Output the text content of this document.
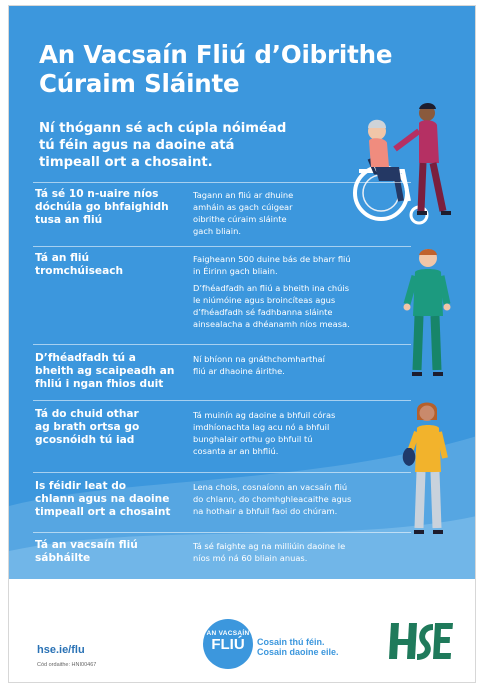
An Vacsaín Fliú d’Oibrithe
Cúraim Sláinte
Ní thógann sé ach cúpla nóiméad
tú féin agus na daoine atá
timpeall ort a chosaint.
Tá sé 10 n-uaire níos
dóchúla go bhfaighidh
tusa an fliú
Tagann an fliú ar dhuine
amháin as gach cúigear
oibrithe cúraim sláinte
gach bliain.
Tá an fliú
tromchúiseach
Faigheann 500 duine bás de bharr fliú
in Éirinn gach bliain.
D’fhéadfadh an fliú a bheith ina chúis
le niúmóine agus broincíteas agus
d’fhéadfadh sé fadhbanna sláinte
ainsealacha a dhéanamh níos measa.
D’fhéadfadh tú a
bheith ag scaipeadh an
fhliú i ngan fhios duit
Ní bhíonn na gnáthchomharthaí
fliú ar dhaoine áirithe.
Tá do chuid othar
ag brath ortsa go
gcosnóidh tú iad
Tá muinín ag daoine a bhfuil córas
imdhíonachta lag acu nó a bhfuil
bunghalair orthu go bhfuil tú
cosanta ar an bhfliú.
Is féidir leat do
chlann agus na daoine
timpeall ort a chosaint
Lena chois, cosnaíonn an vacsaín fliú
do chlann, do chomhghleacaithe agus
na hothair a bhfuil faoi do chúram.
Tá an vacsaín fliú
sábháilte
Tá sé faighte ag na milliúin daoine le
níos mó ná 60 bliain anuas.
hse.ie/flu
Cód ordaithe: HNI00467
AN VACSAÍN
FLIÚ	Cosain thú féin.
Cosain daoine eile.
